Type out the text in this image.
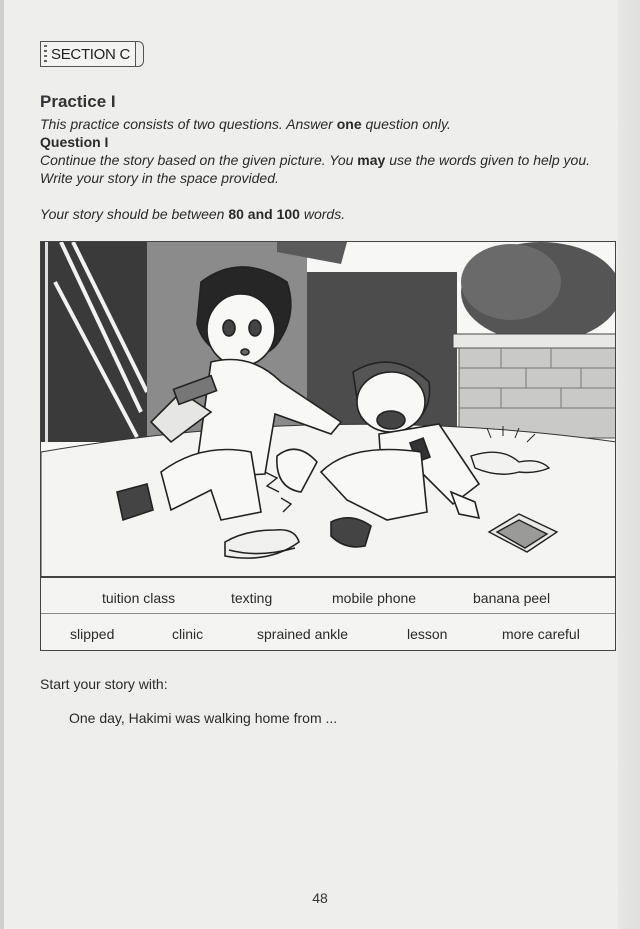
SECTION C
Practice I
This practice consists of two questions. Answer one question only.
Question I
Continue the story based on the given picture. You may use the words given to help you.
Write your story in the space provided.
Your story should be between 80 and 100 words.
tuition class	texting	mobile phone	banana peel
slipped	clinic	sprained ankle	lesson	more careful
Start your story with:
One day, Hakimi was walking home from ...
48
